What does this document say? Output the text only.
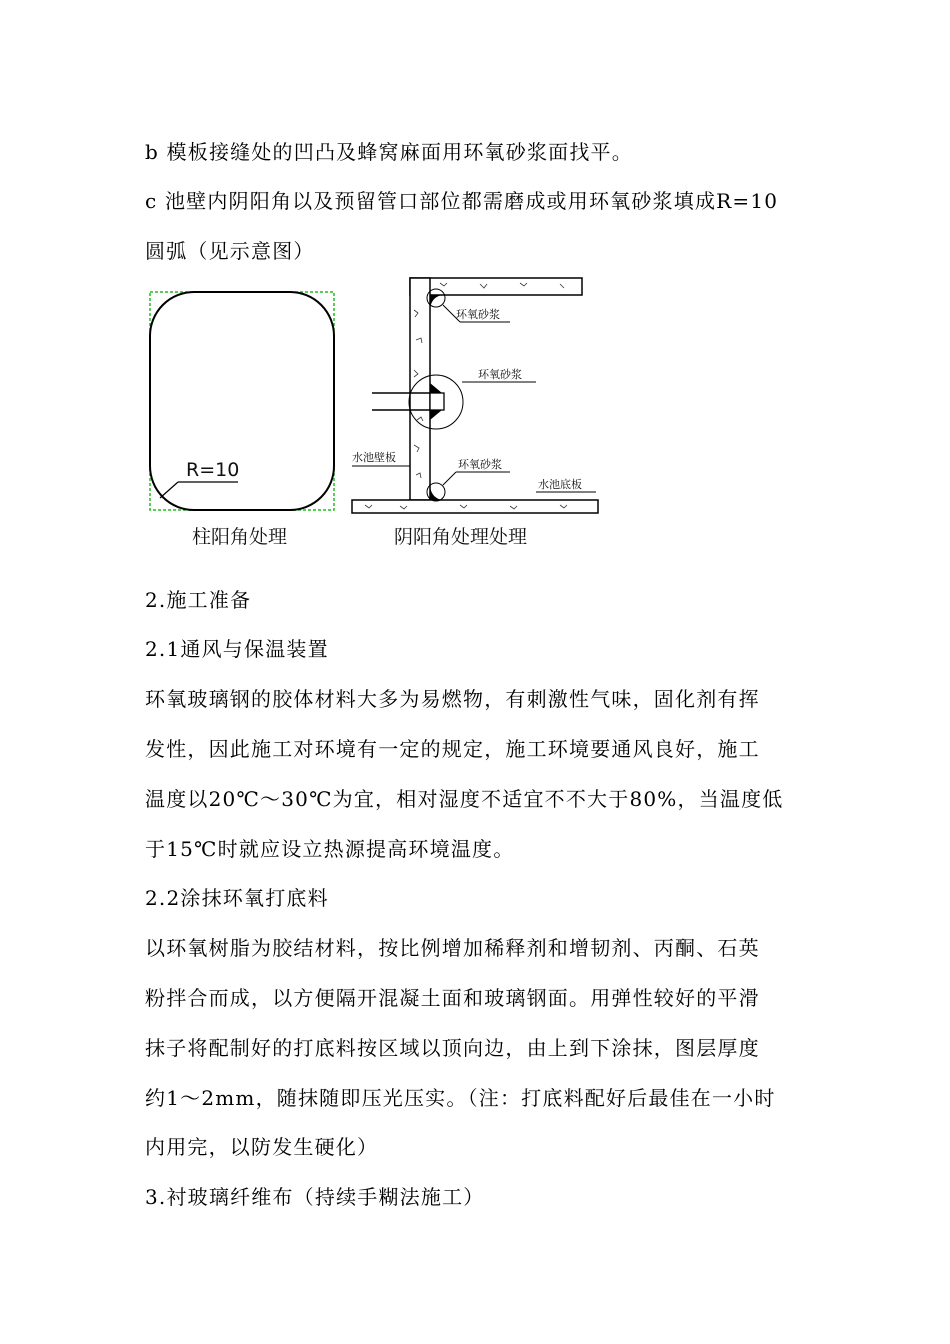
b 模板接缝处的凹凸及蜂窝麻面用环氧砂浆面找平。
c 池壁内阴阳角以及预留管口部位都需磨成或用环氧砂浆填成R=10
圆弧（见示意图）
R=10
柱阳角处理
环氧砂浆
环氧砂浆
水池壁板
环氧砂浆
水池底板
阴阳角处理处理
2.施工准备
2.1通风与保温装置
环氧玻璃钢的胶体材料大多为易燃物，有刺激性气味，固化剂有挥
发性，因此施工对环境有一定的规定，施工环境要通风良好，施工
温度以20℃～30℃为宜，相对湿度不适宜不不大于80%，当温度低
于15℃时就应设立热源提高环境温度。
2.2涂抹环氧打底料
以环氧树脂为胶结材料，按比例增加稀释剂和增韧剂、丙酮、石英
粉拌合而成，以方便隔开混凝土面和玻璃钢面。用弹性较好的平滑
抹子将配制好的打底料按区域以顶向边，由上到下涂抹，图层厚度
约1～2mm，随抹随即压光压实。（注：打底料配好后最佳在一小时
内用完，以防发生硬化）
3.衬玻璃纤维布（持续手糊法施工）
